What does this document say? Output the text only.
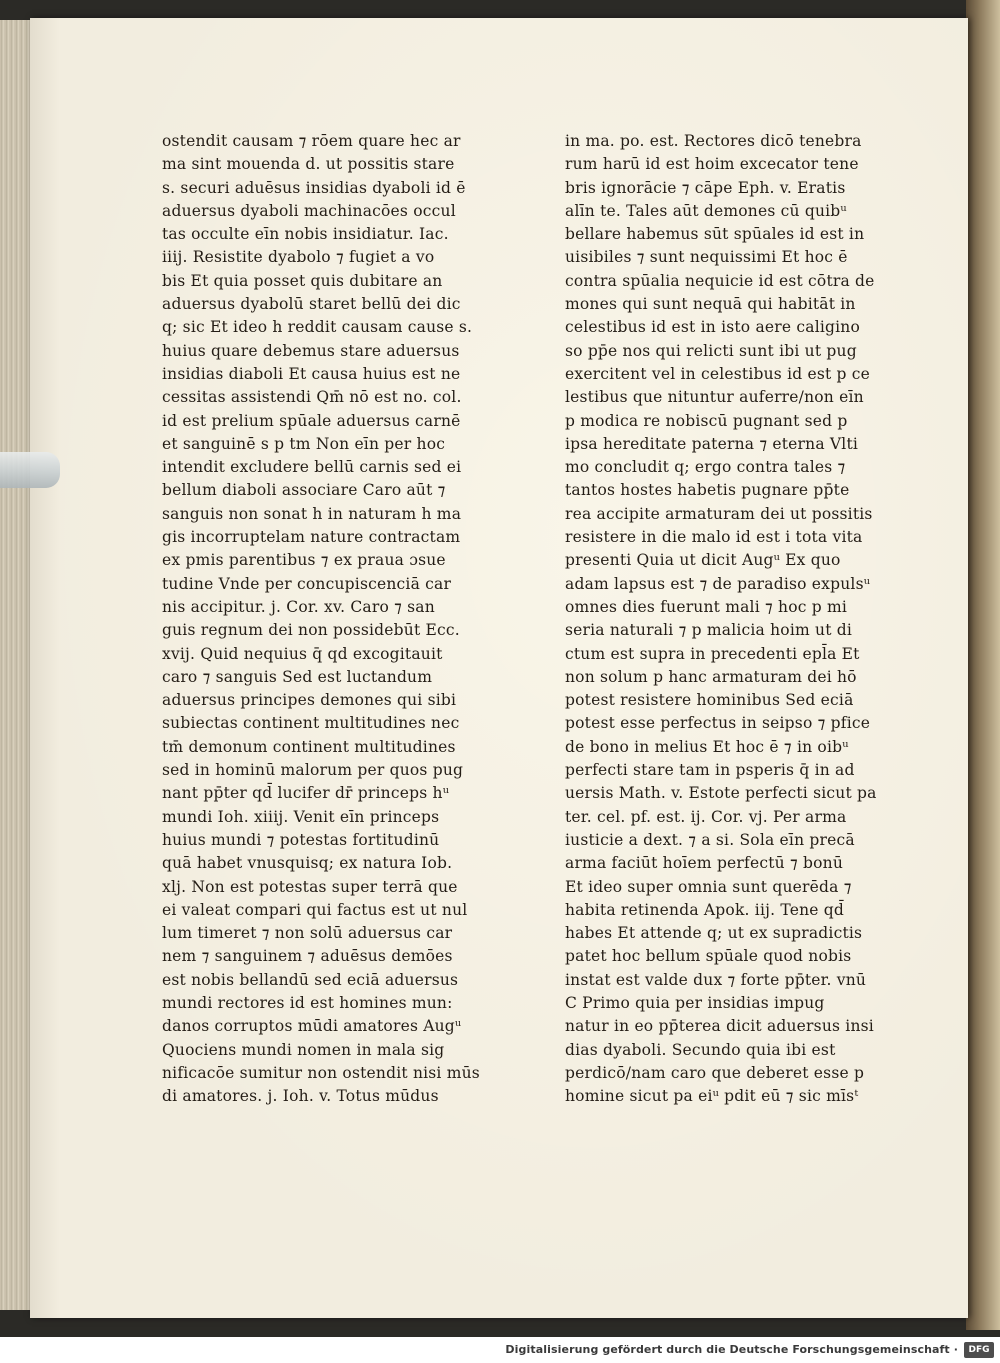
ostendit causam ⁊ rōem quare hec ar
ma sint mouenda d. ut possitis stare
s. securi aduēsus insidias dyaboli id ē
aduersus dyaboli machinacōes occul
tas occulte eīn nobis insidiatur. Iac.
iiij. Resistite dyabolo ⁊ fugiet a vo
bis Et quia posset quis dubitare an
aduersus dyabolū staret bellū dei dic
q; sic Et ideo h reddit causam cause s.
huius quare debemus stare aduersus
insidias diaboli Et causa huius est ne
cessitas assistendi Qm̄ nō est no. col.
id est prelium spūale aduersus carnē
et sanguinē s p tm Non eīn per hoc
intendit excludere bellū carnis sed ei
bellum diaboli associare Caro aūt ⁊
sanguis non sonat h in naturam h ma
gis incorruptelam nature contractam
ex pmis parentibus ⁊ ex praua ɔsue
tudine Vnde per concupiscenciā car
nis accipitur. j. Cor. xv. Caro ⁊ san
guis regnum dei non possidebūt Ecc.
xvij. Quid nequius q̄ qd excogitauit
caro ⁊ sanguis Sed est luctandum
aduersus principes demones qui sibi
subiectas continent multitudines nec
tm̄ demonum continent multitudines
sed in hominū malorum per quos pug
nant pp̄ter qd̄ lucifer dr̄ princeps hᵘ
mundi Ioh. xiiij. Venit eīn princeps
huius mundi ⁊ potestas fortitudinū
quā habet vnusquisq; ex natura Iob.
xlj. Non est potestas super terrā que
ei valeat compari qui factus est ut nul
lum timeret ⁊ non solū aduersus car
nem ⁊ sanguinem ⁊ aduēsus demōes
est nobis bellandū sed eciā aduersus
mundi rectores id est homines mun:
danos corruptos mūdi amatores Augᵘ
Quociens mundi nomen in mala sig
nificacōe sumitur non ostendit nisi mūs
di amatores. j. Ioh. v. Totus mūdus
in ma. po. est. Rectores dicō tenebra
rum harū id est hoim excecator tene
bris ignorācie ⁊ cāpe Eph. v. Eratis
alīn te. Tales aūt demones cū quibᵘ
bellare habemus sūt spūales id est in
uisibiles ⁊ sunt nequissimi Et hoc ē
contra spūalia nequicie id est cōtra de
mones qui sunt nequā qui habitāt in
celestibus id est in isto aere caligino
so pp̄e nos qui relicti sunt ibi ut pug
exercitent vel in celestibus id est p ce
lestibus que nituntur auferre/non eīn
p modica re nobiscū pugnant sed p
ipsa hereditate paterna ⁊ eterna Vlti
mo concludit q; ergo contra tales ⁊
tantos hostes habetis pugnare pp̄te
rea accipite armaturam dei ut possitis
resistere in die malo id est i tota vita
presenti Quia ut dicit Augᵘ Ex quo
adam lapsus est ⁊ de paradiso expulsᵘ
omnes dies fuerunt mali ⁊ hoc p mi
seria naturali ⁊ p malicia hoim ut di
ctum est supra in precedenti epl̄a Et
non solum p hanc armaturam dei hō
potest resistere hominibus Sed eciā
potest esse perfectus in seipso ⁊ pfice
de bono in melius Et hoc ē ⁊ in oibᵘ
perfecti stare tam in psperis q̄ in ad
uersis Math. v. Estote perfecti sicut pa
ter. cel. pf. est. ij. Cor. vj. Per arma
iusticie a dext. ⁊ a si. Sola eīn precā
arma faciūt hoīem perfectū ⁊ bonū
Et ideo super omnia sunt querēda ⁊
habita retinenda Apok. iij. Tene qd̄
habes Et attende q; ut ex supradictis
patet hoc bellum spūale quod nobis
instat est valde dux ⁊ forte pp̄ter. vnū
C Primo quia per insidias impug
natur in eo pp̄terea dicit aduersus insi
dias dyaboli. Secundo quia ibi est
perdicō/nam caro que deberet esse p
homine sicut pa eiᵘ pdit eū ⁊ sic mīsᵗ
Digitalisierung gefördert durch die Deutsche Forschungsgemeinschaft ·	DFG
